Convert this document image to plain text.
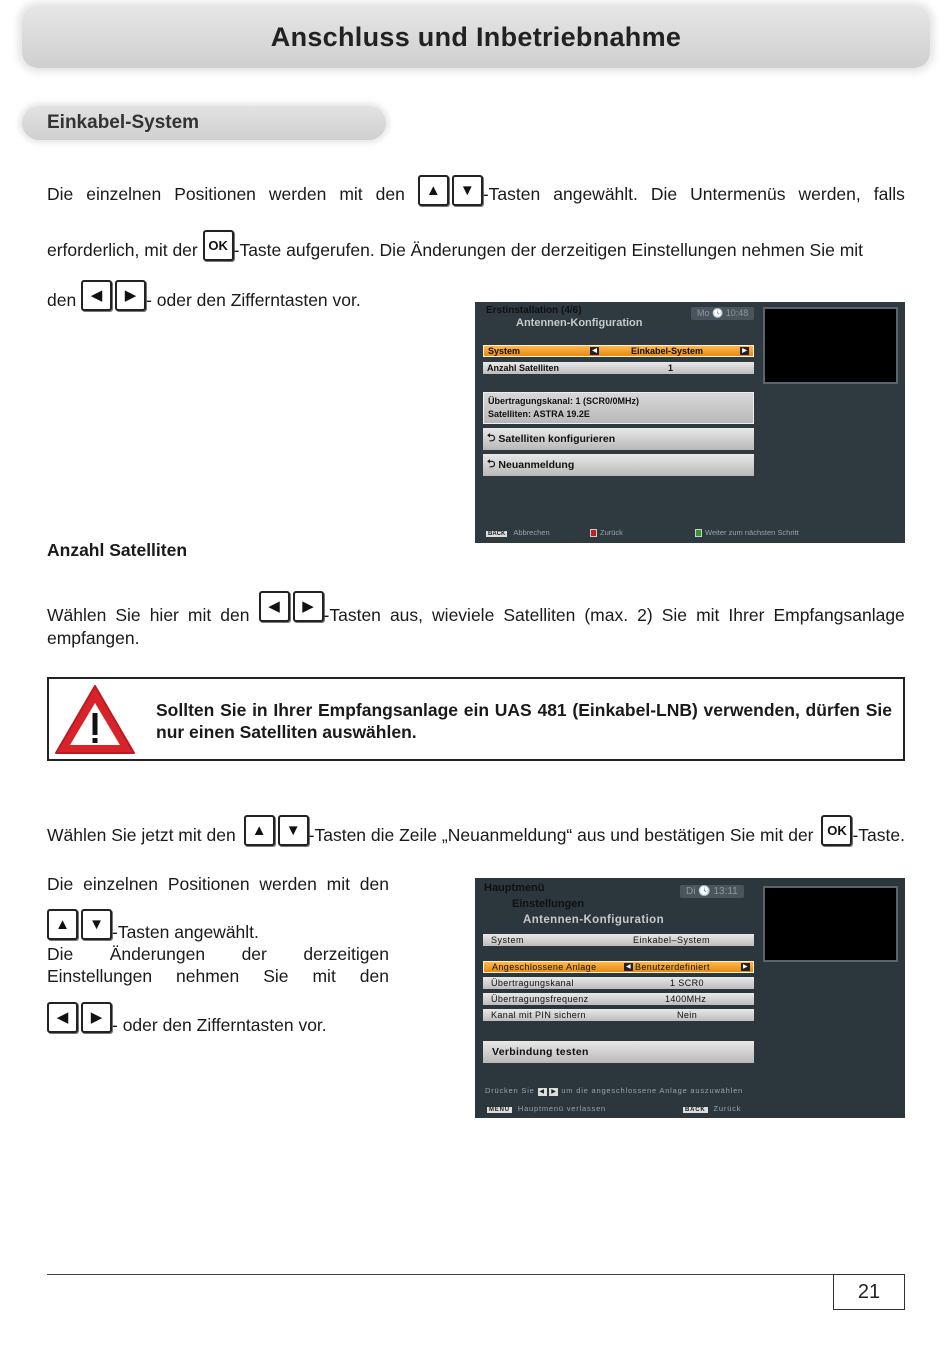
Anschluss und Inbetriebnahme
Einkabel-System
Die einzelnen Positionen werden mit den	▲	▼ -Tasten angewählt. Die Untermenüs werden, falls
erforderlich, mit der OK -Taste aufgerufen. Die Änderungen der derzeitigen Einstellungen nehmen Sie mit
den ◀	▶ - oder den Zifferntasten vor.
Erstinstallation (4/6)
Antennen-Konfiguration
Mo 🕓 10:48
System	◀	Einkabel-System	▶
Anzahl Satelliten	1
Übertragungskanal: 1 (SCR0/0MHz)
Satelliten: ASTRA 19.2E
⮌ Satelliten konfigurieren
⮌ Neuanmeldung
BACK Abbrechen	Zurück	Weiter zum nächsten Schritt
Anzahl Satelliten
Wählen Sie hier mit den	◀	▶ -Tasten aus, wieviele Satelliten (max. 2) Sie mit Ihrer Empfangsanlage
empfangen.
Sollten Sie in Ihrer Empfangsanlage ein UAS 481 (Einkabel-LNB) verwenden, dürfen Sie nur einen Satelliten auswählen.
Wählen Sie jetzt mit den	▲	▼ -Tasten die Zeile „Neuanmeldung“ aus und bestätigen Sie mit der	OK -Taste.
Die einzelnen Positionen werden mit den
▲	▼ -Tasten angewählt.
Die Änderungen der derzeitigen
Einstellungen nehmen Sie mit den
◀	▶ - oder den Zifferntasten vor.
Hauptmenü
Einstellungen
Antennen-Konfiguration
Di 🕓 13:11
System	Einkabel–System
Angeschlossene Anlage	◀ Benutzerdefiniert	▶
Übertragungskanal	1 SCR0
Übertragungsfrequenz	1400MHz
Kanal mit PIN sichern	Nein
Verbindung testen
Drücken Sie ◀ ▶ um die angeschlossene Anlage auszuwählen
MENU Hauptmenü verlassen	BACK Zurück
21
